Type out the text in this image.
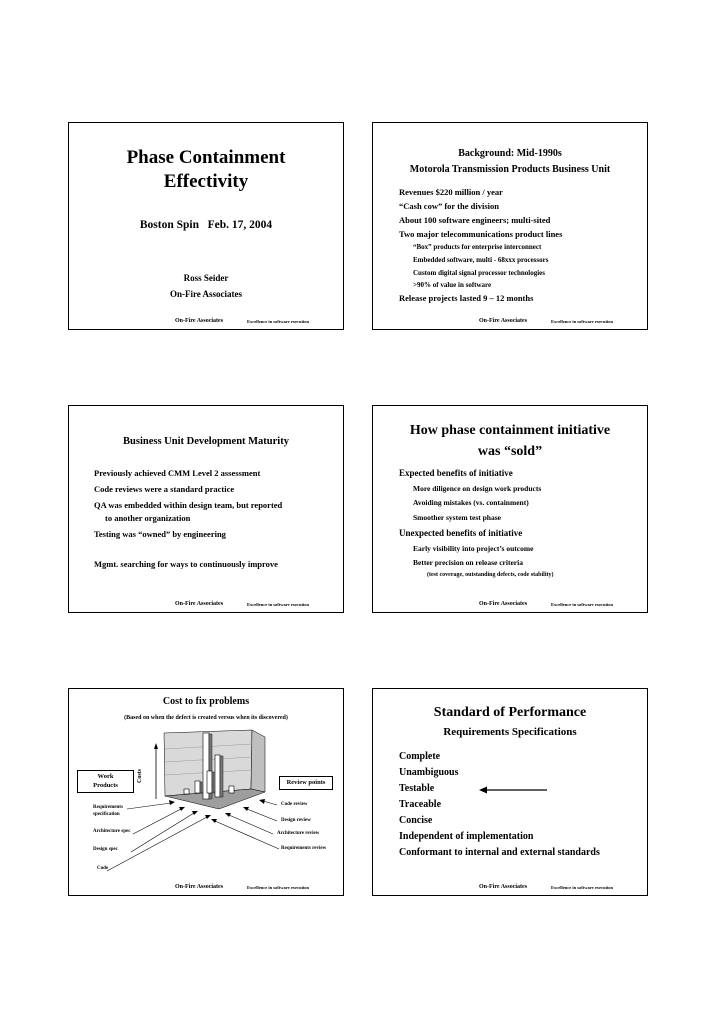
Phase Containment
Effectivity
Boston Spin   Feb. 17, 2004
Ross Seider
On-Fire Associates
On-Fire Associates	Excellence in software execution
Background: Mid-1990s
Motorola Transmission Products Business Unit
Revenues $220 million / year
“Cash cow” for the division
About 100 software engineers; multi-sited
Two major telecommunications product lines
“Box” products for enterprise interconnect
Embedded software, multi - 68xxx processors
Custom digital signal processor technologies
>90% of value in software
Release projects lasted 9 – 12 months
On-Fire Associates	Excellence in software execution
Business Unit Development Maturity
Previously achieved CMM Level 2 assessment
Code reviews were a standard practice
QA was embedded within design team, but reported
to another organization
Testing was “owned” by engineering
Mgmt. searching for ways to continuously improve
On-Fire Associates	Excellence in software execution
How phase containment initiative
was “sold”
Expected benefits of initiative
More diligence on design work products
Avoiding mistakes (vs. containment)
Smoother system test phase
Unexpected benefits of initiative
Early visibility into project’s outcome
Better precision on release criteria
(test coverage, outstanding defects, code stability)
On-Fire Associates	Excellence in software execution
Cost to fix problems
(Based on when the defect is created versus when its discovered)
Work
Products
Costs	Review points
Requirements
specification
Architecture spec
Design spec
Code
Code review
Design review
Architecture review
Requirements review
On-Fire Associates	Excellence in software execution
Standard of Performance
Requirements Specifications
Complete
Unambiguous
Testable
Traceable
Concise
Independent of implementation
Conformant to internal and external standards
On-Fire Associates	Excellence in software execution
